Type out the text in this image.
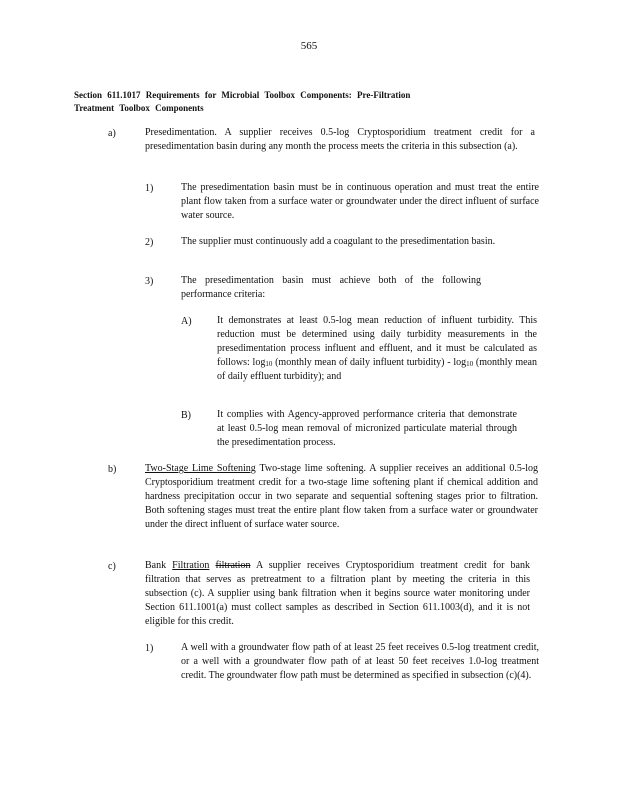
565
Section 611.1017 Requirements for Microbial Toolbox Components: Pre-Filtration
Treatment Toolbox Components
a)	Presedimentation. A supplier receives 0.5-log Cryptosporidium treatment credit for a presedimentation basin during any month the process meets the criteria in this subsection (a).
1)	The presedimentation basin must be in continuous operation and must treat the entire plant flow taken from a surface water or groundwater under the direct influent of surface water source.
2)	The supplier must continuously add a coagulant to the presedimentation basin.
3)	The presedimentation basin must achieve both of the following performance criteria:
A)	It demonstrates at least 0.5-log mean reduction of influent turbidity. This reduction must be determined using daily turbidity measurements in the presedimentation process influent and effluent, and it must be calculated as follows: $\log_{10}$ (monthly mean of daily influent turbidity) - $\log_{10}$ (monthly mean of daily effluent turbidity); and
B)	It complies with Agency-approved performance criteria that demonstrate at least 0.5-log mean removal of micronized particulate material through the presedimentation process.
b)	Two-Stage Lime Softening Two-stage lime softening. A supplier receives an additional 0.5-log Cryptosporidium treatment credit for a two-stage lime softening plant if chemical addition and hardness precipitation occur in two separate and sequential softening stages prior to filtration. Both softening stages must treat the entire plant flow taken from a surface water or groundwater under the direct influent of surface water source.
c)	Bank Filtration filtration A supplier receives Cryptosporidium treatment credit for bank filtration that serves as pretreatment to a filtration plant by meeting the criteria in this subsection (c). A supplier using bank filtration when it begins source water monitoring under Section 611.1001(a) must collect samples as described in Section 611.1003(d), and it is not eligible for this credit.
1)	A well with a groundwater flow path of at least 25 feet receives 0.5-log treatment credit, or a well with a groundwater flow path of at least 50 feet receives 1.0-log treatment credit. The groundwater flow path must be determined as specified in subsection (c)(4).
